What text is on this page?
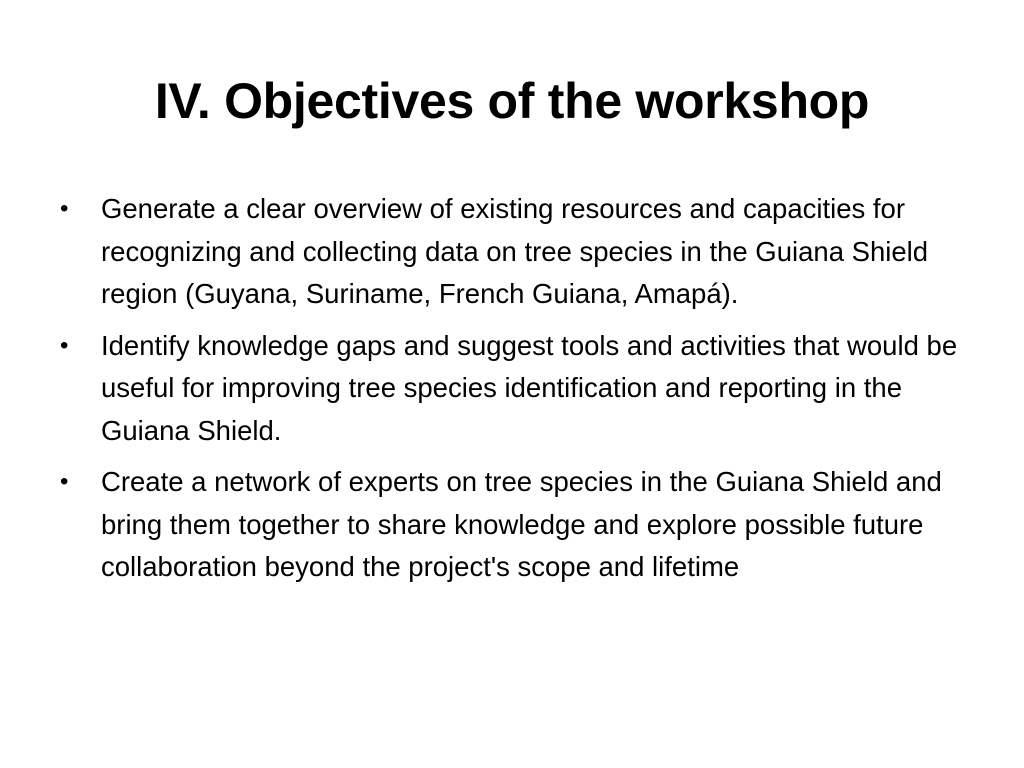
IV. Objectives of the workshop
• Generate a clear overview of existing resources and capacities for recognizing and collecting data on tree species in the Guiana Shield region (Guyana, Suriname, French Guiana, Amapá).
• Identify knowledge gaps and suggest tools and activities that would be useful for improving tree species identification and reporting in the Guiana Shield.
• Create a network of experts on tree species in the Guiana Shield and bring them together to share knowledge and explore possible future collaboration beyond the project's scope and lifetime
